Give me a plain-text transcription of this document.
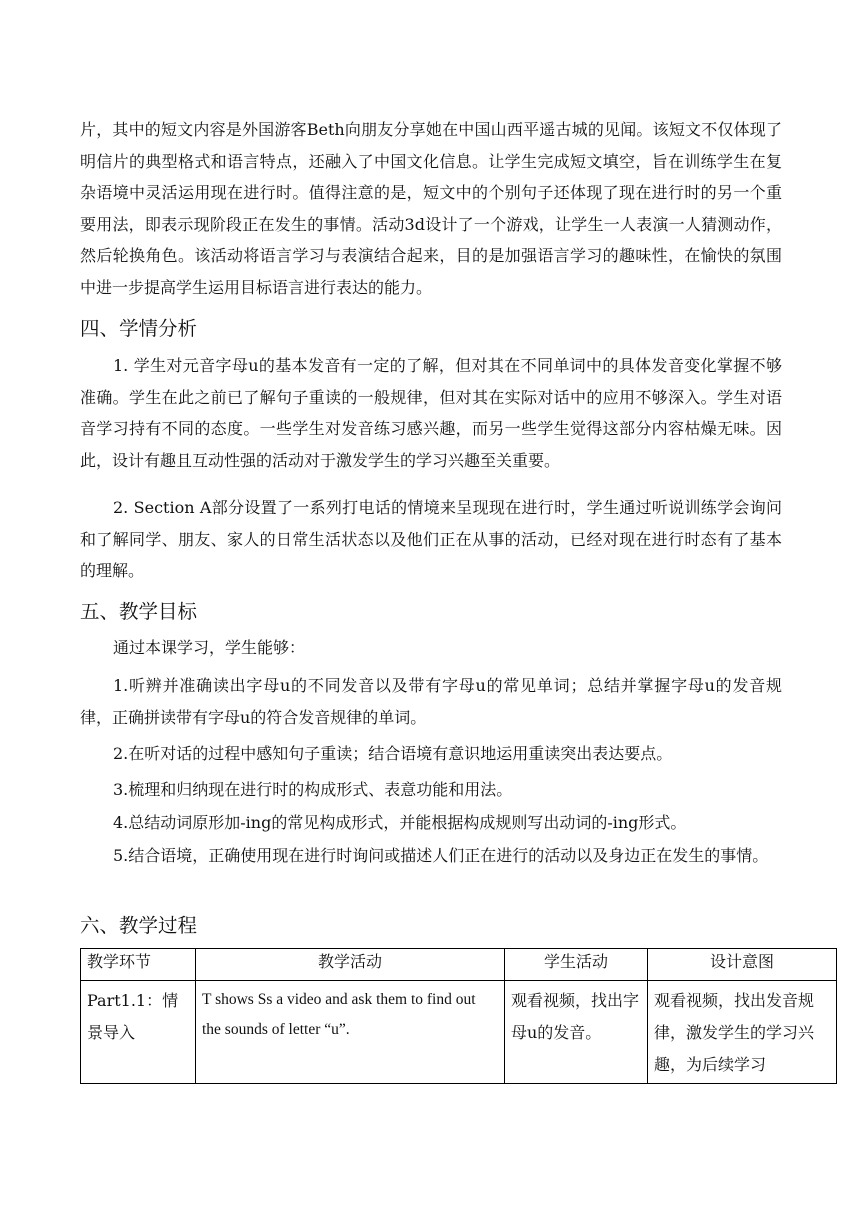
片，其中的短文内容是外国游客Beth向朋友分享她在中国山西平遥古城的见闻。该短文不仅体现了明信片的典型格式和语言特点，还融入了中国文化信息。让学生完成短文填空，旨在训练学生在复杂语境中灵活运用现在进行时。值得注意的是，短文中的个别句子还体现了现在进行时的另一个重要用法，即表示现阶段正在发生的事情。活动3d设计了一个游戏，让学生一人表演一人猜测动作，然后轮换角色。该活动将语言学习与表演结合起来，目的是加强语言学习的趣味性，在愉快的氛围中进一步提高学生运用目标语言进行表达的能力。

四、学情分析

1. 学生对元音字母u的基本发音有一定的了解，但对其在不同单词中的具体发音变化掌握不够准确。学生在此之前已了解句子重读的一般规律，但对其在实际对话中的应用不够深入。学生对语音学习持有不同的态度。一些学生对发音练习感兴趣，而另一些学生觉得这部分内容枯燥无味。因此，设计有趣且互动性强的活动对于激发学生的学习兴趣至关重要。

2. Section A部分设置了一系列打电话的情境来呈现现在进行时，学生通过听说训练学会询问和了解同学、朋友、家人的日常生活状态以及他们正在从事的活动，已经对现在进行时态有了基本的理解。

五、教学目标

通过本课学习，学生能够：

1.听辨并准确读出字母u的不同发音以及带有字母u的常见单词；总结并掌握字母u的发音规律，正确拼读带有字母u的符合发音规律的单词。

2.在听对话的过程中感知句子重读；结合语境有意识地运用重读突出表达要点。

3.梳理和归纳现在进行时的构成形式、表意功能和用法。

4.总结动词原形加-ing的常见构成形式，并能根据构成规则写出动词的-ing形式。

5.结合语境，正确使用现在进行时询问或描述人们正在进行的活动以及身边正在发生的事情。

六、教学过程
教学环节	教学活动	学生活动	设计意图
Part1.1：情景导入	T shows Ss a video and ask them to find out the sounds of letter “u”.	观看视频，找出字母u的发音。	观看视频，找出发音规律，激发学生的学习兴趣，为后续学习
